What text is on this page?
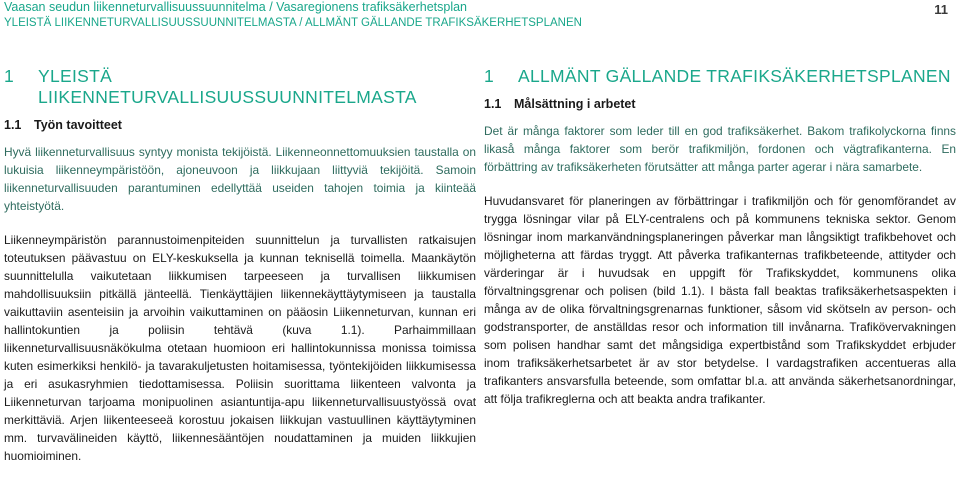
Vaasan seudun liikenneturvallisuussuunnitelma / Vasaregionens trafiksäkerhetsplan
YLEISTÄ LIIKENNETURVALLISUUSSUUNNITELMASTA / ALLMÄNT GÄLLANDE TRAFIKSÄKERHETSPLANEN
11
1	YLEISTÄ LIIKENNETURVALLISUUSSUUNNITELMASTA
1.1	Työn tavoitteet

Hyvä liikenneturvallisuus syntyy monista tekijöistä. Liikenneonnettomuuksien taustalla on lukuisia liikenneympäristöön, ajoneuvoon ja liikkujaan liittyviä tekijöitä. Samoin liikenneturvallisuuden parantuminen edellyttää useiden tahojen toimia ja kiinteää yhteistyötä.

Liikenneympäristön parannustoimenpiteiden suunnittelun ja turvallisten ratkaisujen toteutuksen päävastuu on ELY-keskuksella ja kunnan teknisellä toimella. Maankäytön suunnittelulla vaikutetaan liikkumisen tarpeeseen ja turvallisen liikkumisen mahdollisuuksiin pitkällä jänteellä. Tienkäyttäjien liikennekäyttäytymiseen ja taustalla vaikuttaviin asenteisiin ja arvoihin vaikuttaminen on pääosin Liikenneturvan, kunnan eri hallintokuntien ja poliisin tehtävä (kuva 1.1). Parhaimmillaan liikenneturvallisuusnäkökulma otetaan huomioon eri hallintokunnissa monissa toimissa kuten esimerkiksi henkilö- ja tavarakuljetusten hoitamisessa, työntekijöiden liikkumisessa ja eri asukasryhmien tiedottamisessa. Poliisin suorittama liikenteen valvonta ja Liikenneturvan tarjoama monipuolinen asiantuntija-apu liikenneturvallisuustyössä ovat merkittäviä. Arjen liikenteeseeä korostuu jokaisen liikkujan vastuullinen käyttäytyminen mm. turvavälineiden käyttö, liikennesääntöjen noudattaminen ja muiden liikkujien huomioiminen.

1	ALLMÄNT GÄLLANDE TRAFIKSÄKERHETSPLANEN
1.1	Målsättning i arbetet

Det är många faktorer som leder till en god trafiksäkerhet. Bakom trafikolyckorna finns likaså många faktorer som berör trafikmiljön, fordonen och vägtrafikanterna. En förbättring av trafiksäkerheten förutsätter att många parter agerar i nära samarbete.

Huvudansvaret för planeringen av förbättringar i trafikmiljön och för genomförandet av trygga lösningar vilar på ELY-centralens och på kommunens tekniska sektor. Genom lösningar inom markanvändningsplaneringen påverkar man långsiktigt trafikbehovet och möjligheterna att färdas tryggt. Att påverka trafikanternas trafikbeteende, attityder och värderingar är i huvudsak en uppgift för Trafikskyddet, kommunens olika förvaltningsgrenar och polisen (bild 1.1). I bästa fall beaktas trafiksäkerhetsaspekten i många av de olika förvaltningsgrenarnas funktioner, såsom vid skötseln av person- och godstransporter, de anställdas resor och information till invånarna. Trafikövervakningen som polisen handhar samt det mångsidiga expertbistånd som Trafikskyddet erbjuder inom trafiksäkerhetsarbetet är av stor betydelse. I vardagstrafiken accentueras alla trafikanters ansvarsfulla beteende, som omfattar bl.a. att använda säkerhetsanordningar, att följa trafikreglerna och att beakta andra trafikanter.
